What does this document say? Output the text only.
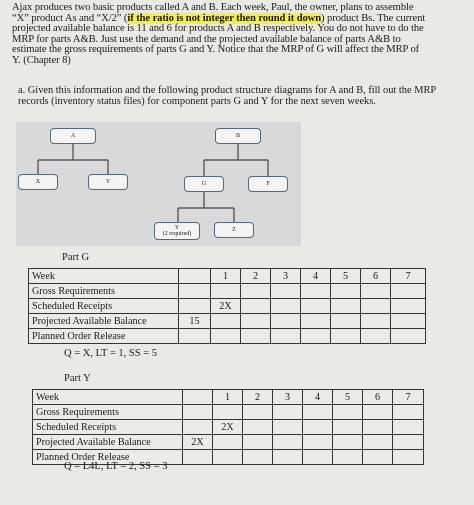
Ajax produces two basic products called A and B. Each week, Paul, the owner, plans to assemble
“X” product As and “X/2” (if the ratio is not integer then round it down) product Bs. The current
projected available balance is 11 and 6 for products A and B respectively. You do not have to do the
MRP for parts A&B. Just use the demand and the projected available balance of parts A&B to
estimate the gross requirements of parts G and Y. Notice that the MRP of G will affect the MRP of
Y. (Chapter 8)
a. Given this information and the following product structure diagrams for A and B, fill out the MRP
records (inventory status files) for component parts G and Y for the next seven weeks.
A	B
X	Y	G	F
Y
(2 required)
Z
Part G
Week		1	2	3	4	5	6	7
Gross Requirements								
Scheduled Receipts		2X						
Projected Available Balance	15							
Planned Order Release								
Q = X, LT = 1, SS = 5
Part Y
Week		1	2	3	4	5	6	7
Gross Requirements								
Scheduled Receipts		2X						
Projected Available Balance	2X							
Planned Order Release								
Q = L4L, LT = 2, SS = 3
